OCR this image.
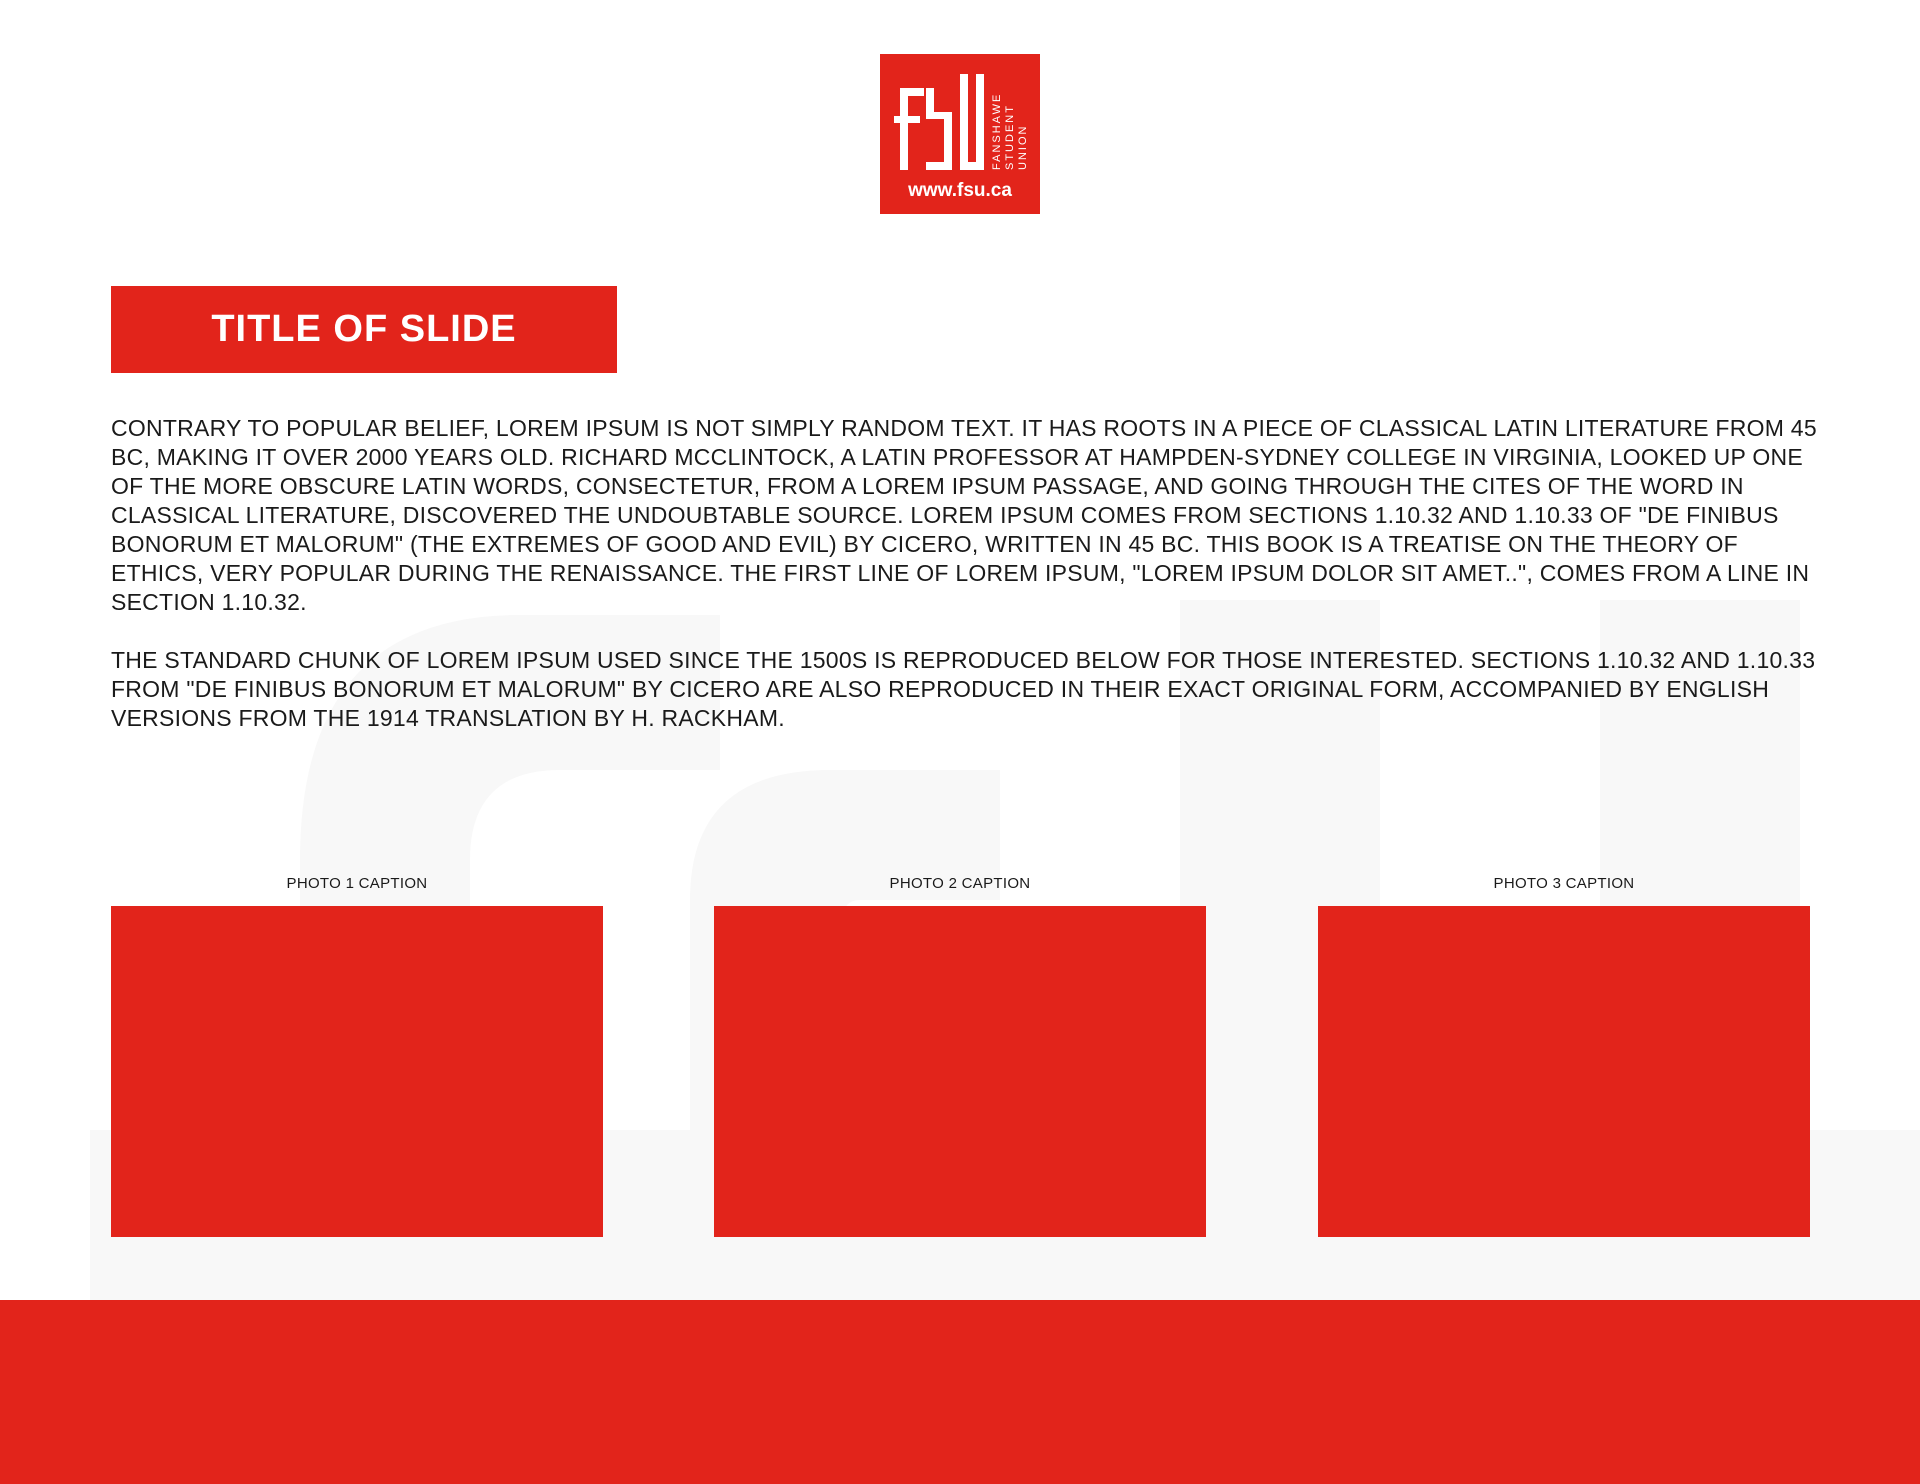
FANSHAWE STUDENT UNION
www.fsu.ca
TITLE OF SLIDE

CONTRARY TO POPULAR BELIEF, LOREM IPSUM IS NOT SIMPLY RANDOM TEXT. IT HAS ROOTS IN A PIECE OF CLASSICAL LATIN LITERATURE FROM 45 BC, MAKING IT OVER 2000 YEARS OLD. RICHARD MCCLINTOCK, A LATIN PROFESSOR AT HAMPDEN-SYDNEY COLLEGE IN VIRGINIA, LOOKED UP ONE OF THE MORE OBSCURE LATIN WORDS, CONSECTETUR, FROM A LOREM IPSUM PASSAGE, AND GOING THROUGH THE CITES OF THE WORD IN CLASSICAL LITERATURE, DISCOVERED THE UNDOUBTABLE SOURCE. LOREM IPSUM COMES FROM SECTIONS 1.10.32 AND 1.10.33 OF "DE FINIBUS BONORUM ET MALORUM" (THE EXTREMES OF GOOD AND EVIL) BY CICERO, WRITTEN IN 45 BC. THIS BOOK IS A TREATISE ON THE THEORY OF ETHICS, VERY POPULAR DURING THE RENAISSANCE. THE FIRST LINE OF LOREM IPSUM, "LOREM IPSUM DOLOR SIT AMET..", COMES FROM A LINE IN
SECTION 1.10.32.

THE STANDARD CHUNK OF LOREM IPSUM USED SINCE THE 1500S IS REPRODUCED BELOW FOR THOSE INTERESTED. SECTIONS 1.10.32 AND 1.10.33 FROM "DE FINIBUS BONORUM ET MALORUM" BY CICERO ARE ALSO REPRODUCED IN THEIR EXACT ORIGINAL FORM, ACCOMPANIED BY ENGLISH VERSIONS FROM THE 1914 TRANSLATION BY H. RACKHAM.

PHOTO 1 CAPTION	PHOTO 2 CAPTION	PHOTO 3 CAPTION
